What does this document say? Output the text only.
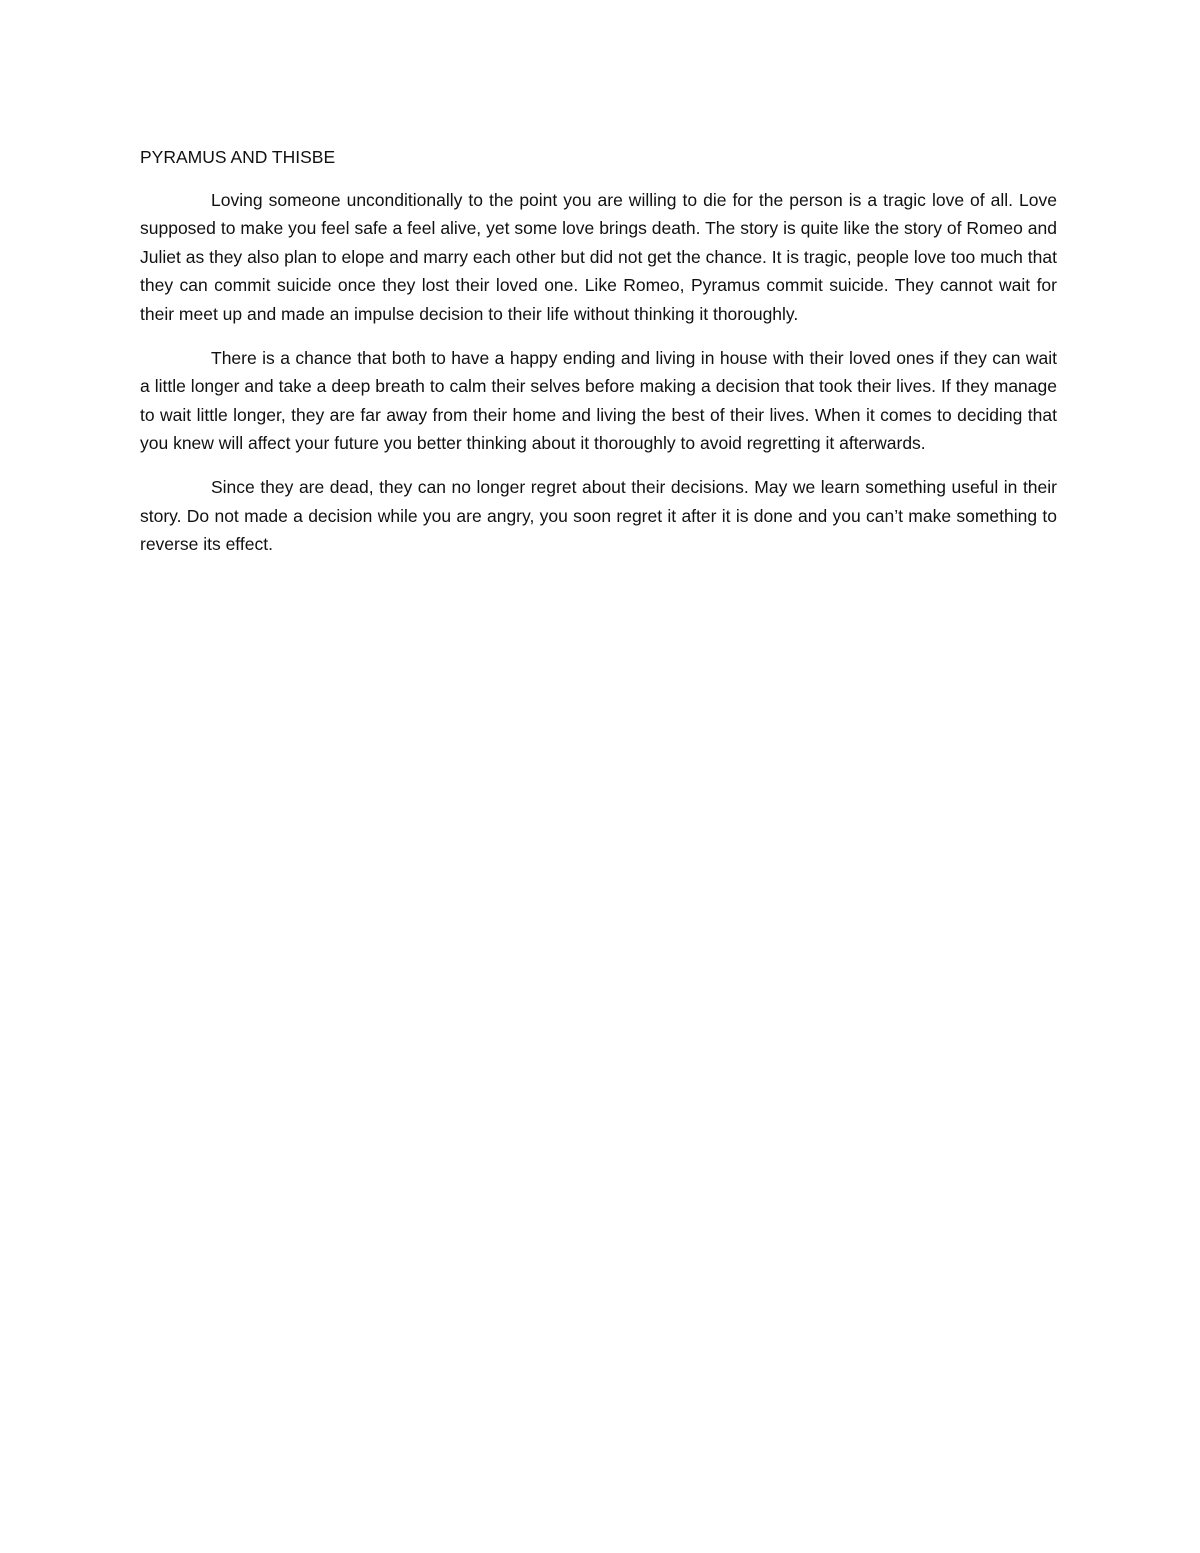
PYRAMUS AND THISBE

Loving someone unconditionally to the point you are willing to die for the person is a tragic love of all. Love supposed to make you feel safe a feel alive, yet some love brings death. The story is quite like the story of Romeo and Juliet as they also plan to elope and marry each other but did not get the chance. It is tragic, people love too much that they can commit suicide once they lost their loved one. Like Romeo, Pyramus commit suicide. They cannot wait for their meet up and made an impulse decision to their life without thinking it thoroughly.

There is a chance that both to have a happy ending and living in house with their loved ones if they can wait a little longer and take a deep breath to calm their selves before making a decision that took their lives. If they manage to wait little longer, they are far away from their home and living the best of their lives. When it comes to deciding that you knew will affect your future you better thinking about it thoroughly to avoid regretting it afterwards.

Since they are dead, they can no longer regret about their decisions. May we learn something useful in their story. Do not made a decision while you are angry, you soon regret it after it is done and you can’t make something to reverse its effect.
